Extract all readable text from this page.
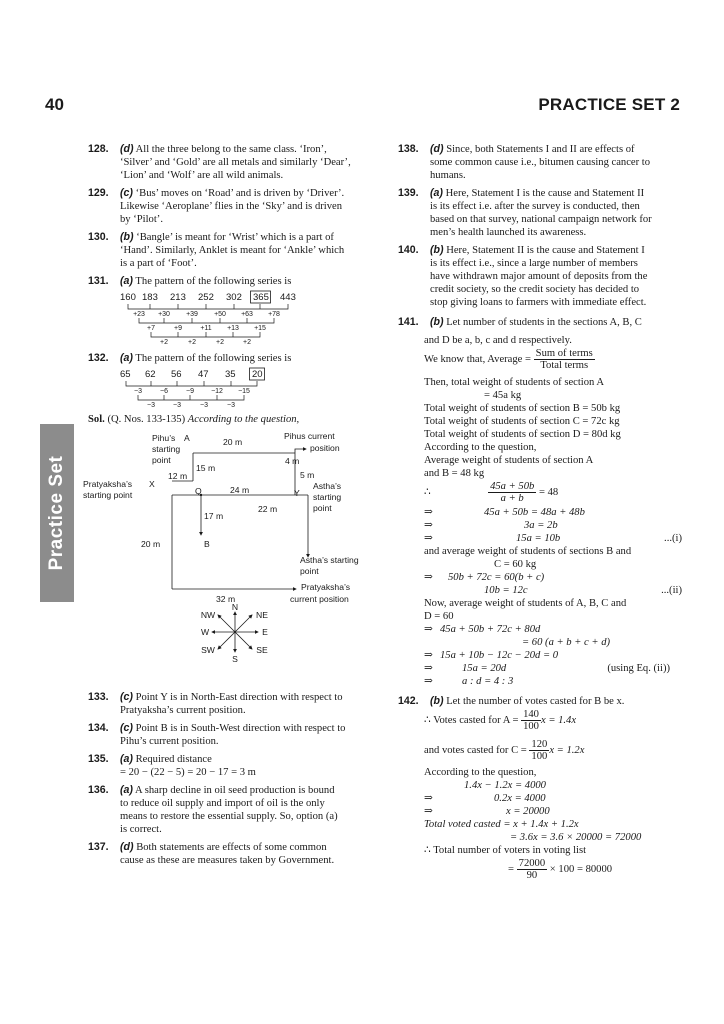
40	PRACTICE SET 2
Practice Set
128. (d) All the three belong to the same class. ‘Iron’,
‘Silver’ and ‘Gold’ are all metals and similarly ‘Dear’,
‘Lion’ and ‘Wolf’ are all wild animals.
129. (c) ‘Bus’ moves on ‘Road’ and is driven by ‘Driver’.
Likewise ‘Aeroplane’ flies in the ‘Sky’ and is driven
by ‘Pilot’.
130. (b) ‘Bangle’ is meant for ‘Wrist’ which is a part of
‘Hand’. Similarly, Anklet is meant for ‘Ankle’ which
is a part of ‘Foot’.
131. (a) The pattern of the following series is
160 183 213 252 302 365 443
+23 +30 +39 +50 +63 +78
+7	+9	+11 +13 +15
+2	+2	+2	+2
132. (a) The pattern of the following series is
65 62 56 47 35 20
−3	−6	−9 −12 −15
−3	−3	−3	−3
Sol. (Q. Nos. 133-135) According to the question,
Pihu’s A
starting
point
20 m
Pihus current
position
15 m
4 m
12 m	5 m
Pratyaksha’s X
starting point	Q	24 m	Y
Astha’s
starting
point
17 m
22 m
20 m	B
Astha’s starting
point
32 m
Pratyaksha’s
current position
N
S
E
W
NE
NW
SE
SW
133. (c) Point Y is in North-East direction with respect to
Pratyaksha’s current position.
134. (c) Point B is in South-West direction with respect to
Pihu’s current position.
135. (a) Required distance
= 20 − (22 − 5) = 20 − 17 = 3 m
136. (a) A sharp decline in oil seed production is bound
to reduce oil supply and import of oil is the only
means to restore the essential supply. So, option (a)
is correct.
137. (d) Both statements are effects of some common
cause as these are measures taken by Government.
138. (d) Since, both Statements I and II are effects of
some common cause i.e., bitumen causing cancer to
humans.
139. (a) Here, Statement I is the cause and Statement II
is its effect i.e. after the survey is conducted, then
based on that survey, national campaign network for
men’s health launched its awareness.
140. (b) Here, Statement II is the cause and Statement I
is its effect i.e., since a large number of members
have withdrawn major amount of deposits from the
credit society, so the credit society has decided to
stop giving loans to farmers with immediate effect.
141. (b) Let number of students in the sections A, B, C
and D be a, b, c and d respectively.
We know that, Average = $\frac{\text{Sum of terms}}{\text{Total terms}}$
Then, total weight of students of section A
= 45a kg
Total weight of students of section B = 50b kg
Total weight of students of section C = 72c kg
Total weight of students of section D = 80d kg
According to the question,
Average weight of students of section A
and B = 48 kg
∴	$\frac{45a + 50b}{a + b} = 48$
⇒	45a + 50b = 48a + 48b
⇒	3a = 2b
⇒	15a = 10b	...(i)
and average weight of students of sections B and
C = 60 kg
⇒ 50b + 72c = 60(b + c)
10b = 12c	...(ii)
Now, average weight of students of A, B, C and
D = 60
⇒ 45a + 50b + 72c + 80d
= 60 (a + b + c + d)
⇒ 15a + 10b − 12c − 20d = 0
⇒	15a = 20d	(using Eq. (ii))
⇒	a : d = 4 : 3
142. (b) Let the number of votes casted for B be x.
∴ Votes casted for $A = \frac{140}{100}$ x = 1.4x
and votes casted for $C = \frac{120}{100}$ x = 1.2x
According to the question,
1.4x − 1.2x = 4000
⇒	0.2x = 4000
⇒	x = 20000
Total voted casted = x + 1.4x + 1.2x
= 3.6x = 3.6 × 20000 = 72000
∴ Total number of voters in voting list
= $\frac{72000}{90} \times 100 = 80000$
